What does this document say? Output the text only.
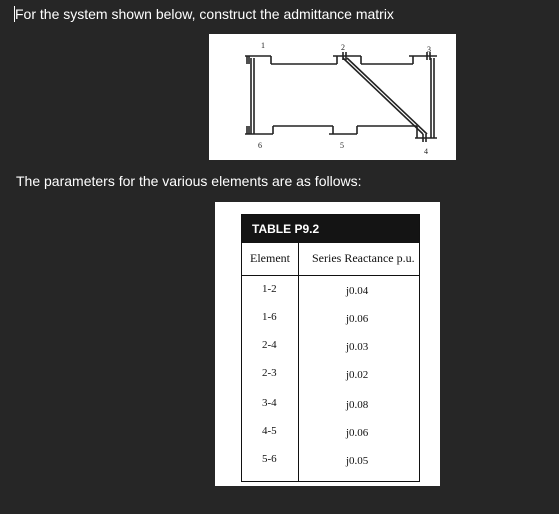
For the system shown below, construct the admittance matrix
1	2	3
4
5
6
The parameters for the various elements are as follows:
TABLE P9.2
Element Series Reactance p.u.
1-2	j0.04
1-6	j0.06
2-4	j0.03
2-3	j0.02
3-4	j0.08
4-5	j0.06
5-6	j0.05
